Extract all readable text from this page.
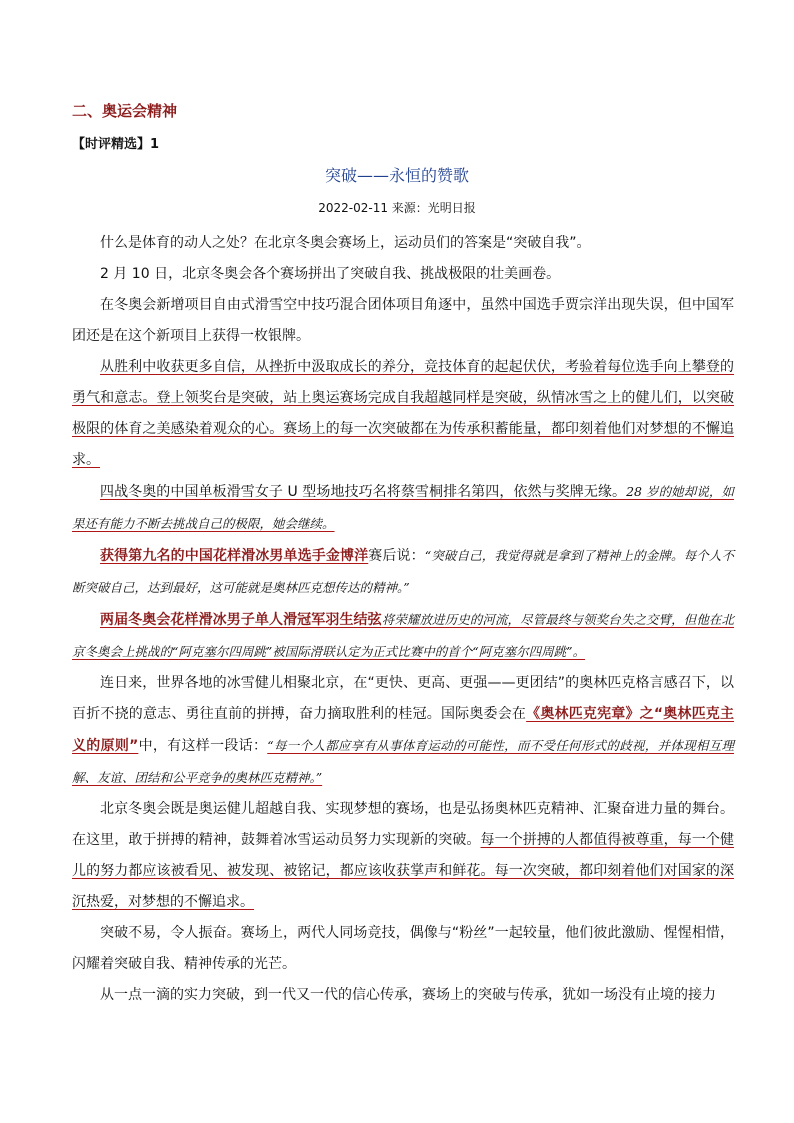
二、奥运会精神
【时评精选】1
突破——永恒的赞歌
2022-02-11 来源：光明日报

什么是体育的动人之处？在北京冬奥会赛场上，运动员们的答案是“突破自我”。

2 月 10 日，北京冬奥会各个赛场拼出了突破自我、挑战极限的壮美画卷。

在冬奥会新增项目自由式滑雪空中技巧混合团体项目角逐中，虽然中国选手贾宗洋出现失误，但中国军团还是在这个新项目上获得一枚银牌。

从胜利中收获更多自信，从挫折中汲取成长的养分，竞技体育的起起伏伏，考验着每位选手向上攀登的勇气和意志。登上领奖台是突破，站上奥运赛场完成自我超越同样是突破，纵情冰雪之上的健儿们，以突破极限的体育之美感染着观众的心。赛场上的每一次突破都在为传承积蓄能量，都印刻着他们对梦想的不懈追求。

四战冬奥的中国单板滑雪女子 U 型场地技巧名将蔡雪桐排名第四，依然与奖牌无缘。28 岁的她却说，如果还有能力不断去挑战自己的极限，她会继续。

获得第九名的中国花样滑冰男单选手金博洋赛后说：“突破自己，我觉得就是拿到了精神上的金牌。每个人不断突破自己，达到最好，这可能就是奥林匹克想传达的精神。”

两届冬奥会花样滑冰男子单人滑冠军羽生结弦将荣耀放进历史的河流，尽管最终与领奖台失之交臂，但他在北京冬奥会上挑战的“阿克塞尔四周跳”被国际滑联认定为正式比赛中的首个“阿克塞尔四周跳”。

连日来，世界各地的冰雪健儿相聚北京，在“更快、更高、更强——更团结”的奥林匹克格言感召下，以百折不挠的意志、勇往直前的拼搏，奋力摘取胜利的桂冠。国际奥委会在《奥林匹克宪章》之“奥林匹克主义的原则”中，有这样一段话：“每一个人都应享有从事体育运动的可能性，而不受任何形式的歧视，并体现相互理解、友谊、团结和公平竞争的奥林匹克精神。”

北京冬奥会既是奥运健儿超越自我、实现梦想的赛场，也是弘扬奥林匹克精神、汇聚奋进力量的舞台。在这里，敢于拼搏的精神，鼓舞着冰雪运动员努力实现新的突破。每一个拼搏的人都值得被尊重，每一个健儿的努力都应该被看见、被发现、被铭记，都应该收获掌声和鲜花。每一次突破，都印刻着他们对国家的深沉热爱，对梦想的不懈追求。

突破不易，令人振奋。赛场上，两代人同场竞技，偶像与“粉丝”一起较量，他们彼此激励、惺惺相惜，闪耀着突破自我、精神传承的光芒。

从一点一滴的实力突破，到一代又一代的信心传承，赛场上的突破与传承，犹如一场没有止境的接力
